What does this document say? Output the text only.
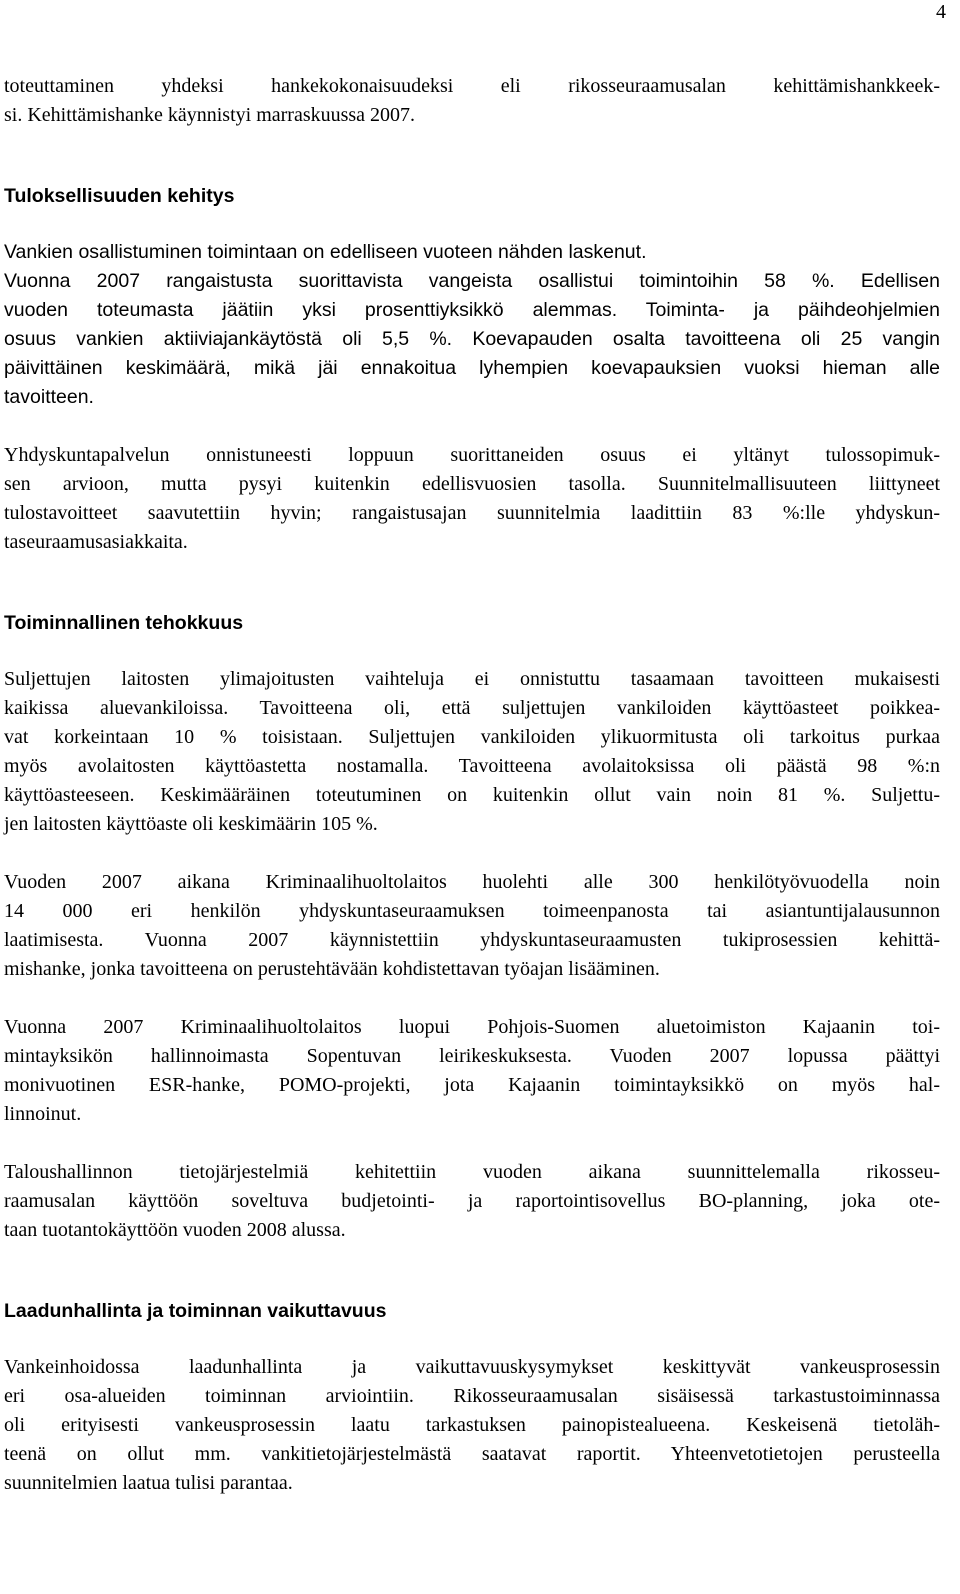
4
toteuttaminen yhdeksi hankekokonaisuudeksi eli rikosseuraamusalan kehittämishankkeek-
si. Kehittämishanke käynnistyi marraskuussa 2007.
Tuloksellisuuden kehitys
Vankien osallistuminen toimintaan on edelliseen vuoteen nähden laskenut.
Vuonna 2007 rangaistusta suorittavista vangeista osallistui toimintoihin 58 %. Edellisen
vuoden toteumasta jäätiin yksi prosenttiyksikkö alemmas. Toiminta- ja päihdeohjelmien
osuus vankien aktiiviajankäytöstä oli 5,5 %. Koevapauden osalta tavoitteena oli 25 vangin
päivittäinen keskimäärä, mikä jäi ennakoitua lyhempien koevapauksien vuoksi hieman alle
tavoitteen.
Yhdyskuntapalvelun onnistuneesti loppuun suorittaneiden osuus ei yltänyt tulossopimuk-
sen arvioon, mutta pysyi kuitenkin edellisvuosien tasolla. Suunnitelmallisuuteen liittyneet
tulostavoitteet saavutettiin hyvin; rangaistusajan suunnitelmia laadittiin 83 %:lle yhdyskun-
taseuraamusasiakkaita.
Toiminnallinen tehokkuus
Suljettujen laitosten ylimajoitusten vaihteluja ei onnistuttu tasaamaan tavoitteen mukaisesti
kaikissa aluevankiloissa. Tavoitteena oli, että suljettujen vankiloiden käyttöasteet poikkea-
vat korkeintaan 10 % toisistaan. Suljettujen vankiloiden ylikuormitusta oli tarkoitus purkaa
myös avolaitosten käyttöastetta nostamalla. Tavoitteena avolaitoksissa oli päästä 98 %:n
käyttöasteeseen. Keskimääräinen toteutuminen on kuitenkin ollut vain noin 81 %. Suljettu-
jen laitosten käyttöaste oli keskimäärin 105 %.
Vuoden 2007 aikana Kriminaalihuoltolaitos huolehti alle 300 henkilötyövuodella noin
14 000 eri henkilön yhdyskuntaseuraamuksen toimeenpanosta tai asiantuntijalausunnon
laatimisesta. Vuonna 2007 käynnistettiin yhdyskuntaseuraamusten tukiprosessien kehittä-
mishanke, jonka tavoitteena on perustehtävään kohdistettavan työajan lisääminen.
Vuonna 2007 Kriminaalihuoltolaitos luopui Pohjois-Suomen aluetoimiston Kajaanin toi-
mintayksikön hallinnoimasta Sopentuvan leirikeskuksesta. Vuoden 2007 lopussa päättyi
monivuotinen ESR-hanke, POMO-projekti, jota Kajaanin toimintayksikkö on myös hal-
linnoinut.
Taloushallinnon tietojärjestelmiä kehitettiin vuoden aikana suunnittelemalla rikosseu-
raamusalan käyttöön soveltuva budjetointi- ja raportointisovellus BO-planning, joka ote-
taan tuotantokäyttöön vuoden 2008 alussa.
Laadunhallinta ja toiminnan vaikuttavuus
Vankeinhoidossa laadunhallinta ja vaikuttavuuskysymykset keskittyvät vankeusprosessin
eri osa-alueiden toiminnan arviointiin. Rikosseuraamusalan sisäisessä tarkastustoiminnassa
oli erityisesti vankeusprosessin laatu tarkastuksen painopistealueena. Keskeisenä tietoläh-
teenä on ollut mm. vankitietojärjestelmästä saatavat raportit. Yhteenvetotietojen perusteella
suunnitelmien laatua tulisi parantaa.
